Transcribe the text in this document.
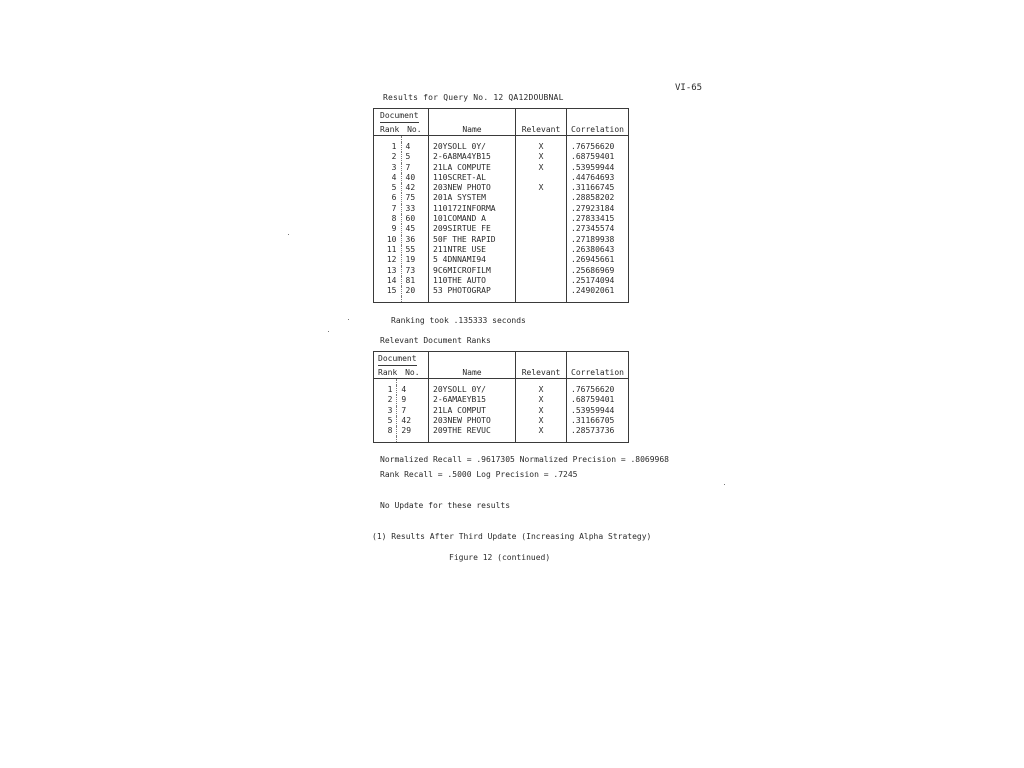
VI-65
Results for Query No. 12 QA12DOUBNAL
Document
Rank No.		Name	Relevant	Correlation

1	4	20YSOLL 0Y/	X	.76756620
2	5	2-6A8MA4YB15	X	.68759401
3	7	21LA COMPUTE	X	.53959944
4	40	110SCRET-AL		.44764693
5	42	203NEW PHOTO	X	.31166745
6	75	201A SYSTEM		.28858202
7	33	110172INFORMA		.27923184
8	60	101COMAND A		.27833415
9	45	209SIRTUE FE		.27345574
10	36	50F THE RAPID		.27189938
11	55	211NTRE USE		.26380643
12	19	5 4DNNAMI94		.26945661
13	73	9C6MICROFILM		.25686969
14	81	110THE AUTO		.25174094
15	20	53 PHOTOGRAP		.24902061

Ranking took .135333 seconds
Relevant Document Ranks
Document
Rank No.		Name	Relevant	Correlation

1	4	20YSOLL 0Y/	X	.76756620
2	9	2-6AMAEYB15	X	.68759401
3	7	21LA COMPUT	X	.53959944
5	42	203NEW PHOTO	X	.31166705
8	29	209THE REVUC	X	.28573736

Normalized Recall = .9617305 Normalized Precision = .8069968
Rank Recall = .5000 Log Precision = .7245
No Update for these results
(1) Results After Third Update (Increasing Alpha Strategy)
Figure 12 (continued)
